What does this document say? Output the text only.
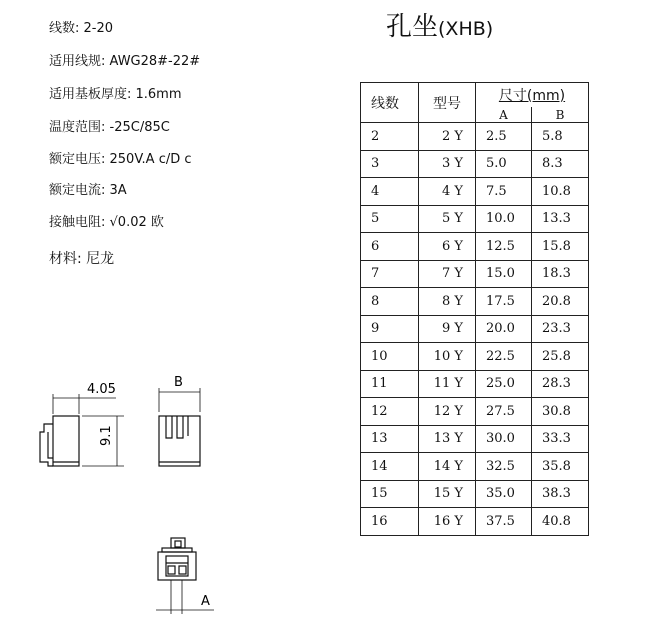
线数: 2-20
适用线规: AWG28#-22#
适用基板厚度: 1.6mm
温度范围: -25C/85C
额定电压: 250V.A c/D c
额定电流: 3A
接触电阻: √0.02 欧
材料: 尼龙
孔坐(XHB)
线数	型号	尺寸(mm)	
		A	B
2	2 Y	2.5	5.8
3	3 Y	5.0	8.3
4	4 Y	7.5	10.8
5	5 Y	10.0	13.3
6	6 Y	12.5	15.8
7	7 Y	15.0	18.3
8	8 Y	17.5	20.8
9	9 Y	20.0	23.3
10	10 Y	22.5	25.8
11	11 Y	25.0	28.3
12	12 Y	27.5	30.8
13	13 Y	30.0	33.3
14	14 Y	32.5	35.8
15	15 Y	35.0	38.3
16	16 Y	37.5	40.8
4.05
9.1
B
A
